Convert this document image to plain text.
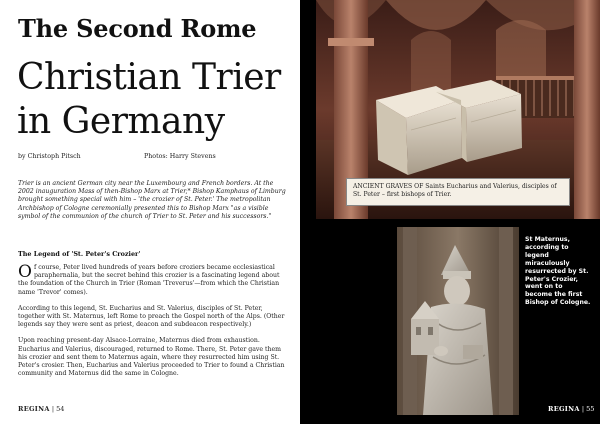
The Second Rome
Christian Trier in Germany
by Christoph Pitsch	Photos: Harry Stevens
Trier is an ancient German city near the Luxembourg and French borders. At the 2002 inauguration Mass of then-Bishop Marx at Trier,* Bishop Kamphaus of Limburg brought something special with him – 'the crozier of St. Peter.' The metropolitan Archbishop of Cologne ceremonially presented this to Bishop Marx "as a visible symbol of the communion of the church of Trier to St. Peter and his successors."
The Legend of 'St. Peter's Crozier'

Of course, Peter lived hundreds of years before croziers became ecclesiastical paraphernalia, but the secret behind this crozier is a fascinating legend about the foundation of the Church in Trier (Roman 'Treverus'—from which the Christian name 'Trevor' comes).

According to this legend, St. Eucharius and St. Valerius, disciples of St. Peter, together with St. Maternus, left Rome to preach the Gospel north of the Alps. (Other legends say they were sent as priest, deacon and subdeacon respectively.)

Upon reaching present-day Alsace-Lorraine, Maternus died from exhaustion. Eucharius and Valerius, discouraged, returned to Rome. There, St. Peter gave them his crozier and sent them to Maternus again, where they resurrected him using St. Peter's crosier. Then, Eucharius and Valerius proceeded to Trier to found a Christian community and Maternus did the same in Cologne.

REGINA | 54
ANCIENT GRAVES OF Saints Eucharius and Valerius, disciples of St. Peter – first bishops of Trier.
St Maternus, according to legend miraculously resurrected by St. Peter's Crozier, went on to become the first Bishop of Cologne.
REGINA | 55
